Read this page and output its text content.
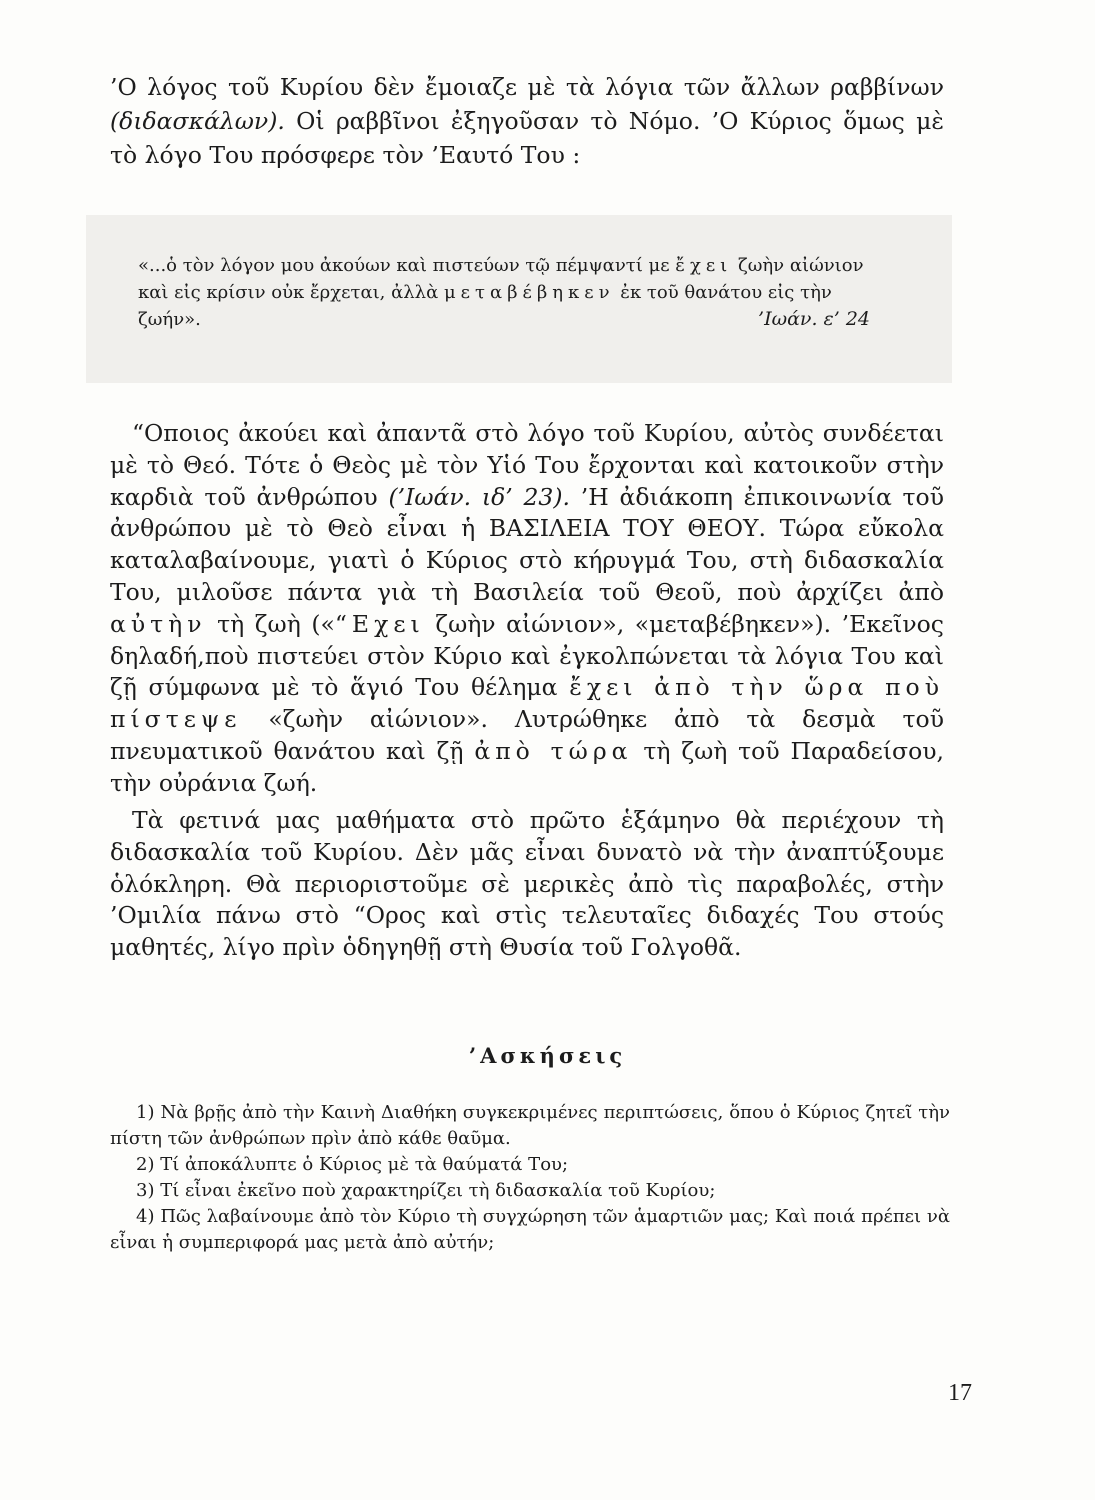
’Ο λόγος τοῦ Κυρίου δὲν ἔμοιαζε μὲ τὰ λόγια τῶν ἄλλων ραββίνων (διδασκάλων). Οἱ ραββῖνοι ἐξηγοῦσαν τὸ Νόμο. ’Ο Κύριος ὅμως μὲ τὸ λόγο Του πρόσφερε τὸν ’Εαυτό Του :

«...ὁ τὸν λόγον μου ἀκούων καὶ πιστεύων τῷ πέμψαντί με ἔχει ζωὴν αἰώνιον καὶ εἰς κρίσιν οὐκ ἔρχεται, ἀλλὰ μεταβέβηκεν ἐκ τοῦ θανάτου εἰς τὴν ζωήν».	’Ιωάν. ε’ 24

“Οποιος ἀκούει καὶ ἀπαντᾶ στὸ λόγο τοῦ Κυρίου, αὐτὸς συνδέεται μὲ τὸ Θεό. Τότε ὁ Θεὸς μὲ τὸν Υἱό Του ἔρχονται καὶ κατοικοῦν στὴν καρδιὰ τοῦ ἀνθρώπου (’Ιωάν. ιδ’ 23). ’Η ἀδιάκοπη ἐπικοινωνία τοῦ ἀνθρώπου μὲ τὸ Θεὸ εἶναι ἡ ΒΑΣΙΛΕΙΑ ΤΟΥ ΘΕΟΥ. Τώρα εὔκολα καταλαβαίνουμε, γιατὶ ὁ Κύριος στὸ κήρυγμά Του, στὴ διδασκαλία Του, μιλοῦσε πάντα γιὰ τὴ Βασιλεία τοῦ Θεοῦ, ποὺ ἀρχίζει ἀπὸ αὐτὴν τὴ ζωὴ («“Εχει ζωὴν αἰώνιον», «μεταβέβηκεν»). ’Εκεῖνος δηλαδή,ποὺ πιστεύει στὸν Κύριο καὶ ἐγκολπώνεται τὰ λόγια Του καὶ ζῇ σύμφωνα μὲ τὸ ἅγιό Του θέλημα ἔχει ἀπὸ τὴν ὥρα ποὺ πίστεψε «ζωὴν αἰώνιον». Λυτρώθηκε ἀπὸ τὰ δεσμὰ τοῦ πνευματικοῦ θανάτου καὶ ζῇ ἀπὸ τώρα τὴ ζωὴ τοῦ Παραδείσου, τὴν οὐράνια ζωή.

Τὰ φετινά μας μαθήματα στὸ πρῶτο ἑξάμηνο θὰ περιέχουν τὴ διδασκαλία τοῦ Κυρίου. Δὲν μᾶς εἶναι δυνατὸ νὰ τὴν ἀναπτύξουμε ὁλόκληρη. Θὰ περιοριστοῦμε σὲ μερικὲς ἀπὸ τὶς παραβολές, στὴν ’Ομιλία πάνω στὸ “Ορος καὶ στὶς τελευταῖες διδαχές Του στούς μαθητές, λίγο πρὶν ὁδηγηθῇ στὴ Θυσία τοῦ Γολγοθᾶ.

’Ασκήσεις

1) Νὰ βρῇς ἀπὸ τὴν Καινὴ Διαθήκη συγκεκριμένες περιπτώσεις, ὅπου ὁ Κύριος ζητεῖ τὴν πίστη τῶν ἀνθρώπων πρὶν ἀπὸ κάθε θαῦμα.

2) Τί ἀποκάλυπτε ὁ Κύριος μὲ τὰ θαύματά Του;

3) Τί εἶναι ἐκεῖνο ποὺ χαρακτηρίζει τὴ διδασκαλία τοῦ Κυρίου;

4) Πῶς λαβαίνουμε ἀπὸ τὸν Κύριο τὴ συγχώρηση τῶν ἁμαρτιῶν μας; Καὶ ποιά πρέπει νὰ εἶναι ἡ συμπεριφορά μας μετὰ ἀπὸ αὐτήν;

17
